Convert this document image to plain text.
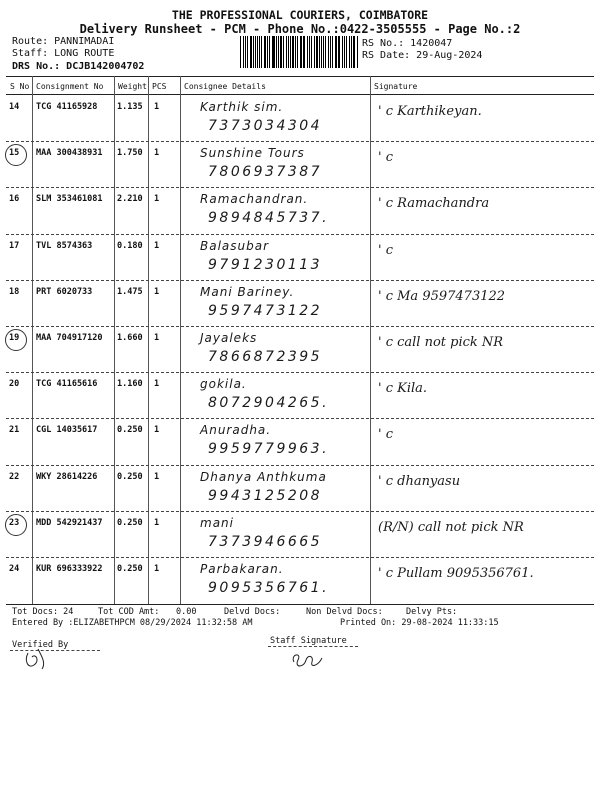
THE PROFESSIONAL COURIERS, COIMBATORE
Delivery Runsheet - PCM - Phone No.:0422-3505555 - Page No.:2
Route: PANNIMADAI
Staff: LONG ROUTE
DRS No.: DCJB142004702
RS No.: 1420047
RS Date: 29-Aug-2024
S No Consignment No Weight PCS Consignee Details	Signature
14 TCG 41165928 1.135 1	Karthik sim.
7373034304
' c Karthikeyan.
15 MAA 300438931 1.750 1	Sunshine Tours
7806937387
' c
16 SLM 353461081 2.210 1	Ramachandran.
9894845737.
' c Ramachandra
17 TVL 8574363	0.180 1	Balasubar
9791230113
' c
18 PRT 6020733	1.475 1	Mani Bariney.
9597473122
' c Ma 9597473122
19 MAA 704917120 1.660 1	Jayaleks
7866872395
' c call not pick NR
20 TCG 41165616 1.160 1	gokila.
8072904265.
' c Kila.
21 CGL 14035617 0.250 1	Anuradha.
9959779963.
' c
22 WKY 28614226 0.250 1	Dhanya Anthkuma
9943125208
' c dhanyasu
23 MDD 542921437 0.250 1	mani
7373946665
(R/N) call not pick NR
24 KUR 696333922 0.250 1	Parbakaran.
9095356761.
' c Pullam 9095356761.
Tot Docs: 24	Tot COD Amt: 0.00	Delvd Docs:	Non Delvd Docs:	Delvy Pts:
Entered By :ELIZABETHPCM 08/29/2024 11:32:58 AM	Printed On: 29-08-2024 11:33:15
Verified By	Staff Signature
